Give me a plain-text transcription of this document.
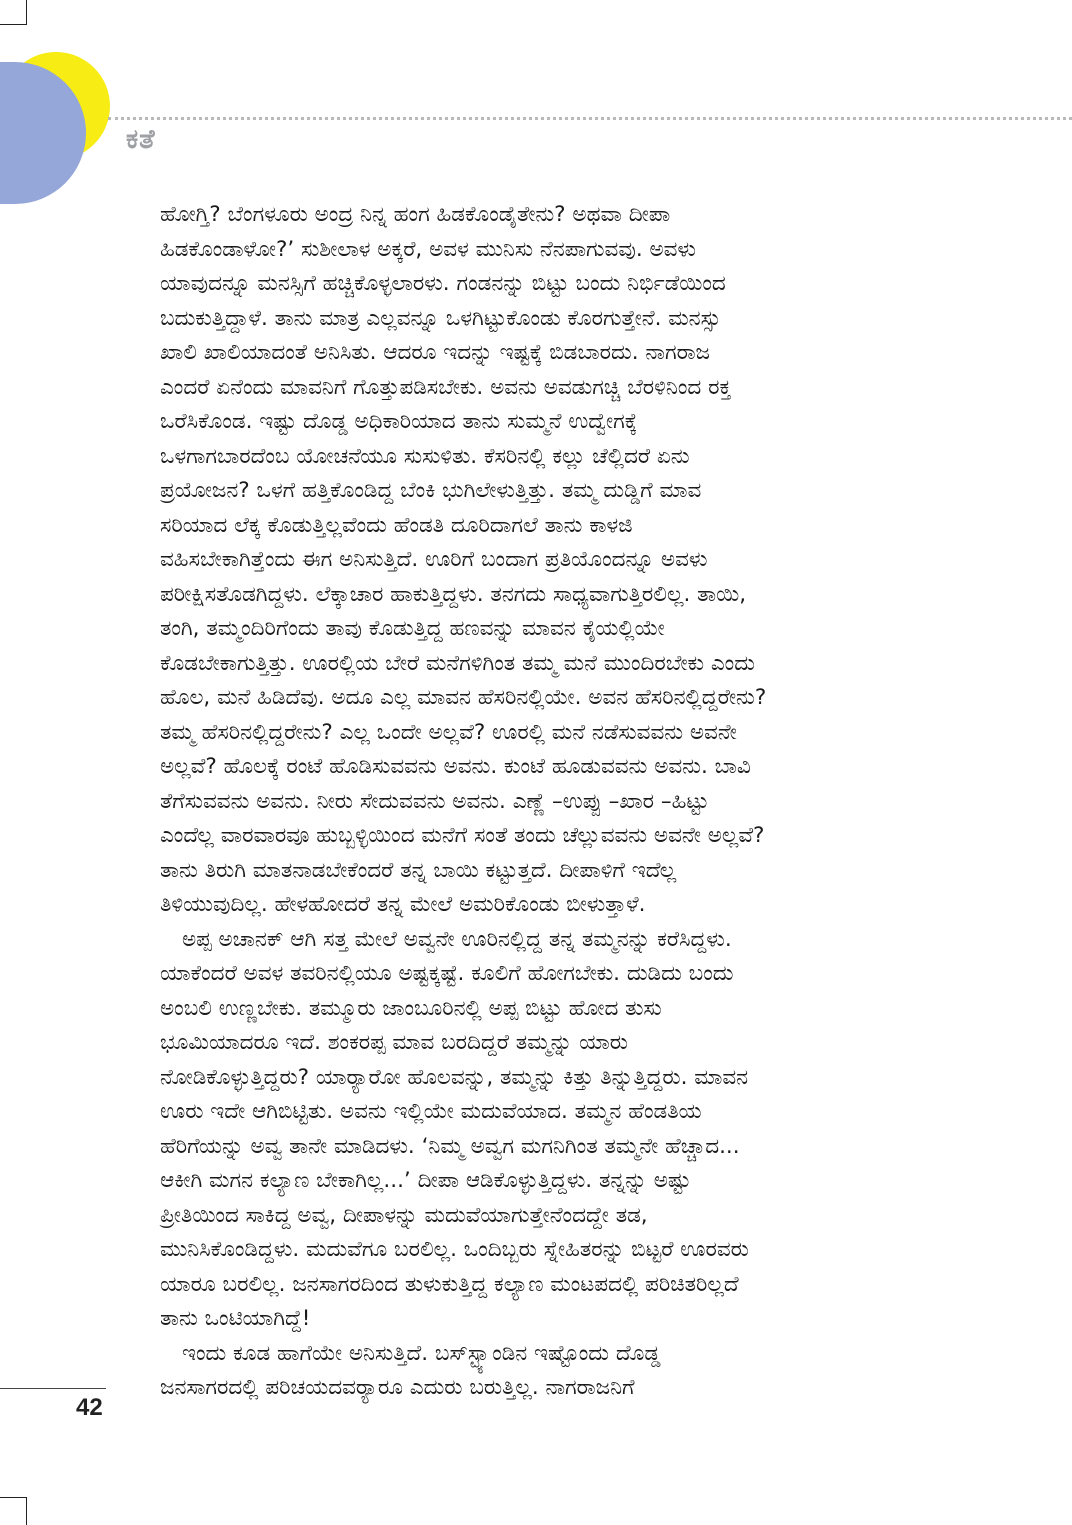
ಕತೆ
ಹೋಗ್ತಿ? ಬೆಂಗಳೂರು ಅಂದ್ರ ನಿನ್ನ ಹಂಗ ಹಿಡಕೊಂಡೈತೇನು? ಅಥವಾ ದೀಪಾ
ಹಿಡಕೊಂಡಾಳೋ?’ ಸುಶೀಲಾಳ ಅಕ್ಕರೆ, ಅವಳ ಮುನಿಸು ನೆನಪಾಗುವವು. ಅವಳು
ಯಾವುದನ್ನೂ ಮನಸ್ಸಿಗೆ ಹಚ್ಚಿಕೊಳ್ಳಲಾರಳು. ಗಂಡನನ್ನು ಬಿಟ್ಟು ಬಂದು ನಿರ್ಭಿಡೆಯಿಂದ
ಬದುಕುತ್ತಿದ್ದಾಳೆ. ತಾನು ಮಾತ್ರ ಎಲ್ಲವನ್ನೂ ಒಳಗಿಟ್ಟುಕೊಂಡು ಕೊರಗುತ್ತೇನೆ. ಮನಸ್ಸು
ಖಾಲಿ ಖಾಲಿಯಾದಂತೆ ಅನಿಸಿತು. ಆದರೂ ಇದನ್ನು ಇಷ್ಟಕ್ಕೆ ಬಿಡಬಾರದು. ನಾಗರಾಜ
ಎಂದರೆ ಏನೆಂದು ಮಾವನಿಗೆ ಗೊತ್ತುಪಡಿಸಬೇಕು. ಅವನು ಅವಡುಗಚ್ಚಿ ಬೆರಳಿನಿಂದ ರಕ್ತ
ಒರೆಸಿಕೊಂಡ. ಇಷ್ಟು ದೊಡ್ಡ ಅಧಿಕಾರಿಯಾದ ತಾನು ಸುಮ್ಮನೆ ಉದ್ವೇಗಕ್ಕೆ
ಒಳಗಾಗಬಾರದೆಂಬ ಯೋಚನೆಯೂ ಸುಸುಳಿತು. ಕೆಸರಿನಲ್ಲಿ ಕಲ್ಲು ಚೆಲ್ಲಿದರೆ ಏನು
ಪ್ರಯೋಜನ? ಒಳಗೆ ಹತ್ತಿಕೊಂಡಿದ್ದ ಬೆಂಕಿ ಭುಗಿಲೇಳುತ್ತಿತ್ತು. ತಮ್ಮ ದುಡ್ಡಿಗೆ ಮಾವ
ಸರಿಯಾದ ಲೆಕ್ಕ ಕೊಡುತ್ತಿಲ್ಲವೆಂದು ಹೆಂಡತಿ ದೂರಿದಾಗಲೆ ತಾನು ಕಾಳಜಿ
ವಹಿಸಬೇಕಾಗಿತ್ತೆಂದು ಈಗ ಅನಿಸುತ್ತಿದೆ. ಊರಿಗೆ ಬಂದಾಗ ಪ್ರತಿಯೊಂದನ್ನೂ ಅವಳು
ಪರೀಕ್ಷಿಸತೊಡಗಿದ್ದಳು. ಲೆಕ್ಕಾಚಾರ ಹಾಕುತ್ತಿದ್ದಳು. ತನಗದು ಸಾಧ್ಯವಾಗುತ್ತಿರಲಿಲ್ಲ. ತಾಯಿ,
ತಂಗಿ, ತಮ್ಮಂದಿರಿಗೆಂದು ತಾವು ಕೊಡುತ್ತಿದ್ದ ಹಣವನ್ನು ಮಾವನ ಕೈಯಲ್ಲಿಯೇ
ಕೊಡಬೇಕಾಗುತ್ತಿತ್ತು. ಊರಲ್ಲಿಯ ಬೇರೆ ಮನೆಗಳಿಗಿಂತ ತಮ್ಮ ಮನೆ ಮುಂದಿರಬೇಕು ಎಂದು
ಹೊಲ, ಮನೆ ಹಿಡಿದೆವು. ಅದೂ ಎಲ್ಲ ಮಾವನ ಹೆಸರಿನಲ್ಲಿಯೇ. ಅವನ ಹೆಸರಿನಲ್ಲಿದ್ದರೇನು?
ತಮ್ಮ ಹೆಸರಿನಲ್ಲಿದ್ದರೇನು? ಎಲ್ಲ ಒಂದೇ ಅಲ್ಲವೆ? ಊರಲ್ಲಿ ಮನೆ ನಡೆಸುವವನು ಅವನೇ
ಅಲ್ಲವೆ? ಹೊಲಕ್ಕೆ ರಂಟೆ ಹೊಡಿಸುವವನು ಅವನು. ಕುಂಟೆ ಹೂಡುವವನು ಅವನು. ಬಾವಿ
ತೆಗೆಸುವವನು ಅವನು. ನೀರು ಸೇದುವವನು ಅವನು. ಎಣ್ಣೆ –ಉಪ್ಪು –ಖಾರ –ಹಿಟ್ಟು
ಎಂದೆಲ್ಲ ವಾರವಾರವೂ ಹುಬ್ಬಳ್ಳಿಯಿಂದ ಮನೆಗೆ ಸಂತೆ ತಂದು ಚೆಲ್ಲುವವನು ಅವನೇ ಅಲ್ಲವೆ?
ತಾನು ತಿರುಗಿ ಮಾತನಾಡಬೇಕೆಂದರೆ ತನ್ನ ಬಾಯಿ ಕಟ್ಟುತ್ತದೆ. ದೀಪಾಳಿಗೆ ಇದೆಲ್ಲ
ತಿಳಿಯುವುದಿಲ್ಲ. ಹೇಳಹೋದರೆ ತನ್ನ ಮೇಲೆ ಅಮರಿಕೊಂಡು ಬೀಳುತ್ತಾಳೆ.
ಅಪ್ಪ ಅಚಾನಕ್ ಆಗಿ ಸತ್ತ ಮೇಲೆ ಅವ್ವನೇ ಊರಿನಲ್ಲಿದ್ದ ತನ್ನ ತಮ್ಮನನ್ನು ಕರೆಸಿದ್ದಳು.
ಯಾಕೆಂದರೆ ಅವಳ ತವರಿನಲ್ಲಿಯೂ ಅಷ್ಟಕ್ಕಷ್ಟೆ. ಕೂಲಿಗೆ ಹೋಗಬೇಕು. ದುಡಿದು ಬಂದು
ಅಂಬಲಿ ಉಣ್ಣಬೇಕು. ತಮ್ಮೂರು ಜಾಂಬೂರಿನಲ್ಲಿ ಅಪ್ಪ ಬಿಟ್ಟು ಹೋದ ತುಸು
ಭೂಮಿಯಾದರೂ ಇದೆ. ಶಂಕರಪ್ಪ ಮಾವ ಬರದಿದ್ದರೆ ತಮ್ಮನ್ನು ಯಾರು
ನೋಡಿಕೊಳ್ಳುತ್ತಿದ್ದರು? ಯಾರ್‍ಯಾರೋ ಹೊಲವನ್ನು, ತಮ್ಮನ್ನು ಕಿತ್ತು ತಿನ್ನುತ್ತಿದ್ದರು. ಮಾವನ
ಊರು ಇದೇ ಆಗಿಬಿಟ್ಟಿತು. ಅವನು ಇಲ್ಲಿಯೇ ಮದುವೆಯಾದ. ತಮ್ಮನ ಹೆಂಡತಿಯ
ಹೆರಿಗೆಯನ್ನು ಅವ್ವ ತಾನೇ ಮಾಡಿದಳು. ‘ನಿಮ್ಮ ಅವ್ವಗ ಮಗನಿಗಿಂತ ತಮ್ಮನೇ ಹೆಚ್ಚಾದ...
ಆಕೀಗಿ ಮಗನ ಕಲ್ಯಾಣ ಬೇಕಾಗಿಲ್ಲ...’ ದೀಪಾ ಆಡಿಕೊಳ್ಳುತ್ತಿದ್ದಳು. ತನ್ನನ್ನು ಅಷ್ಟು
ಪ್ರೀತಿಯಿಂದ ಸಾಕಿದ್ದ ಅವ್ವ, ದೀಪಾಳನ್ನು ಮದುವೆಯಾಗುತ್ತೇನೆಂದದ್ದೇ ತಡ,
ಮುನಿಸಿಕೊಂಡಿದ್ದಳು. ಮದುವೆಗೂ ಬರಲಿಲ್ಲ. ಒಂದಿಬ್ಬರು ಸ್ನೇಹಿತರನ್ನು ಬಿಟ್ಟರೆ ಊರವರು
ಯಾರೂ ಬರಲಿಲ್ಲ. ಜನಸಾಗರದಿಂದ ತುಳುಕುತ್ತಿದ್ದ ಕಲ್ಯಾಣ ಮಂಟಪದಲ್ಲಿ ಪರಿಚಿತರಿಲ್ಲದೆ
ತಾನು ಒಂಟಿಯಾಗಿದ್ದೆ!
ಇಂದು ಕೂಡ ಹಾಗೆಯೇ ಅನಿಸುತ್ತಿದೆ. ಬಸ್‌ಸ್ಟ್ಯಾಂಡಿನ ಇಷ್ಟೊಂದು ದೊಡ್ಡ
ಜನಸಾಗರದಲ್ಲಿ ಪರಿಚಯದವರ್‍ಯಾರೂ ಎದುರು ಬರುತ್ತಿಲ್ಲ. ನಾಗರಾಜನಿಗೆ
42
